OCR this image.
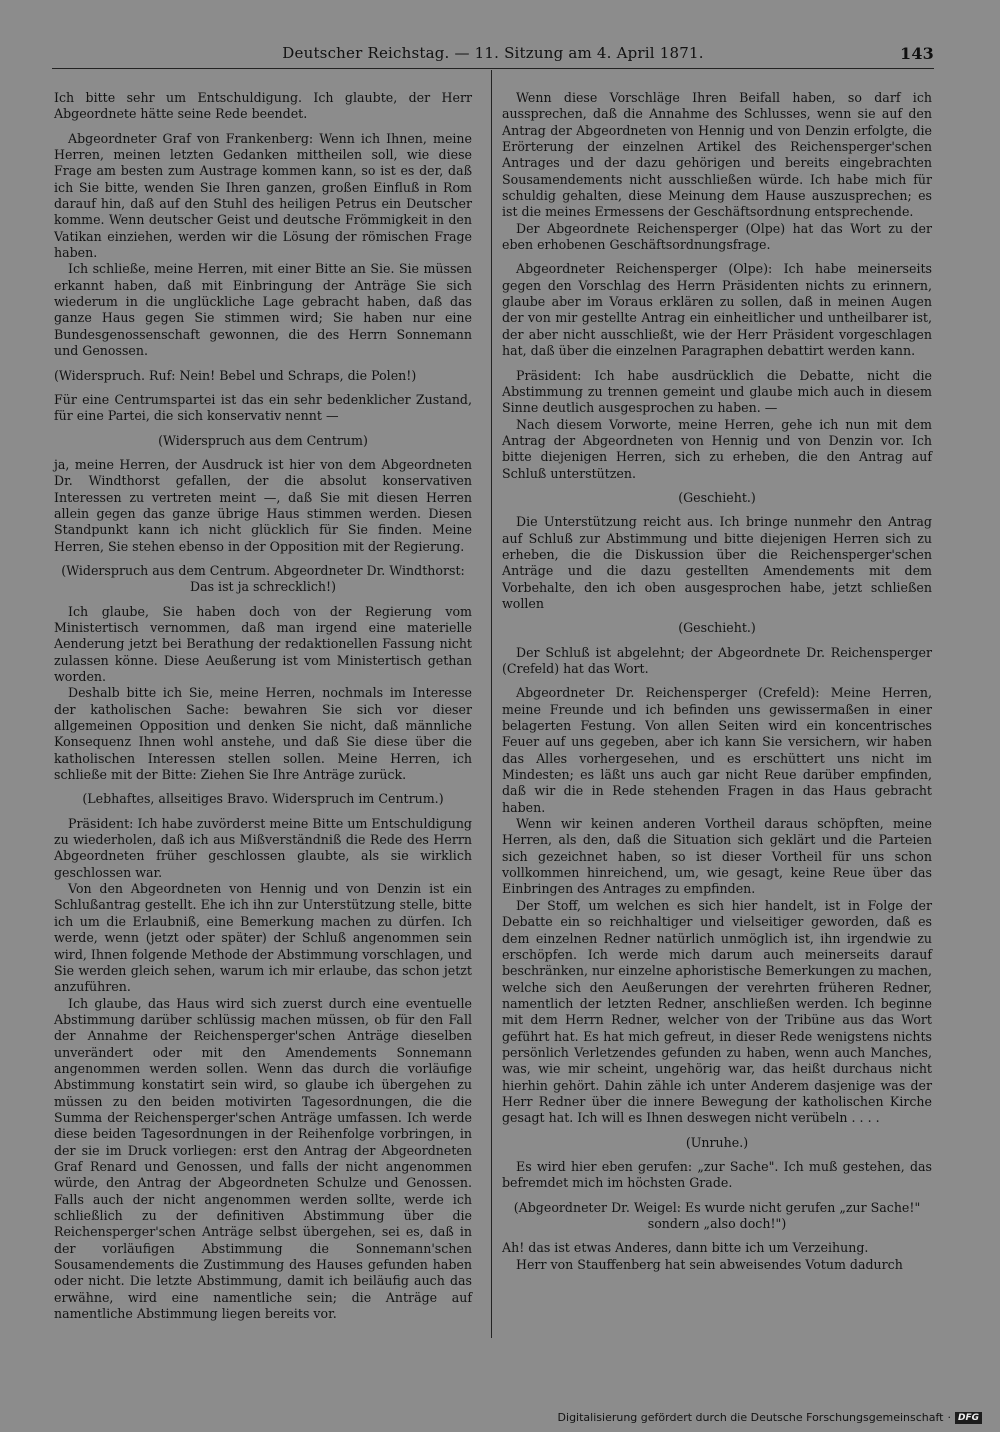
Deutscher Reichstag. — 11. Sitzung am 4. April 1871.	143

Ich bitte sehr um Entschuldigung. Ich glaubte, der Herr Abgeordnete hätte seine Rede beendet.

Abgeordneter Graf von Frankenberg: Wenn ich Ihnen, meine Herren, meinen letzten Gedanken mittheilen soll, wie diese Frage am besten zum Austrage kommen kann, so ist es der, daß ich Sie bitte, wenden Sie Ihren ganzen, großen Einfluß in Rom darauf hin, daß auf den Stuhl des heiligen Petrus ein Deutscher komme. Wenn deutscher Geist und deutsche Frömmigkeit in den Vatikan einziehen, werden wir die Lösung der römischen Frage haben.

Ich schließe, meine Herren, mit einer Bitte an Sie. Sie müssen erkannt haben, daß mit Einbringung der Anträge Sie sich wiederum in die unglückliche Lage gebracht haben, daß das ganze Haus gegen Sie stimmen wird; Sie haben nur eine Bundesgenossenschaft gewonnen, die des Herrn Sonnemann und Genossen.

(Widerspruch. Ruf: Nein! Bebel und Schraps, die Polen!)

Für eine Centrumspartei ist das ein sehr bedenklicher Zustand, für eine Partei, die sich konservativ nennt —

(Widerspruch aus dem Centrum)

ja, meine Herren, der Ausdruck ist hier von dem Abgeordneten Dr. Windthorst gefallen, der die absolut konservativen Interessen zu vertreten meint —, daß Sie mit diesen Herren allein gegen das ganze übrige Haus stimmen werden. Diesen Standpunkt kann ich nicht glücklich für Sie finden. Meine Herren, Sie stehen ebenso in der Opposition mit der Regierung.

(Widerspruch aus dem Centrum. Abgeordneter Dr. Windthorst: Das ist ja schrecklich!)

Ich glaube, Sie haben doch von der Regierung vom Ministertisch vernommen, daß man irgend eine materielle Aenderung jetzt bei Berathung der redaktionellen Fassung nicht zulassen könne. Diese Aeußerung ist vom Ministertisch gethan worden.

Deshalb bitte ich Sie, meine Herren, nochmals im Interesse der katholischen Sache: bewahren Sie sich vor dieser allgemeinen Opposition und denken Sie nicht, daß männliche Konsequenz Ihnen wohl anstehe, und daß Sie diese über die katholischen Interessen stellen sollen. Meine Herren, ich schließe mit der Bitte: Ziehen Sie Ihre Anträge zurück.

(Lebhaftes, allseitiges Bravo. Widerspruch im Centrum.)

Präsident: Ich habe zuvörderst meine Bitte um Entschuldigung zu wiederholen, daß ich aus Mißverständniß die Rede des Herrn Abgeordneten früher geschlossen glaubte, als sie wirklich geschlossen war.

Von den Abgeordneten von Hennig und von Denzin ist ein Schlußantrag gestellt. Ehe ich ihn zur Unterstützung stelle, bitte ich um die Erlaubniß, eine Bemerkung machen zu dürfen. Ich werde, wenn (jetzt oder später) der Schluß angenommen sein wird, Ihnen folgende Methode der Abstimmung vorschlagen, und Sie werden gleich sehen, warum ich mir erlaube, das schon jetzt anzuführen.

Ich glaube, das Haus wird sich zuerst durch eine eventuelle Abstimmung darüber schlüssig machen müssen, ob für den Fall der Annahme der Reichensperger'schen Anträge dieselben unverändert oder mit den Amendements Sonnemann angenommen werden sollen. Wenn das durch die vorläufige Abstimmung konstatirt sein wird, so glaube ich übergehen zu müssen zu den beiden motivirten Tagesordnungen, die die Summa der Reichensperger'schen Anträge umfassen. Ich werde diese beiden Tagesordnungen in der Reihenfolge vorbringen, in der sie im Druck vorliegen: erst den Antrag der Abgeordneten Graf Renard und Genossen, und falls der nicht angenommen würde, den Antrag der Abgeordneten Schulze und Genossen. Falls auch der nicht angenommen werden sollte, werde ich schließlich zu der definitiven Abstimmung über die Reichensperger'schen Anträge selbst übergehen, sei es, daß in der vorläufigen Abstimmung die Sonnemann'schen Sousamendements die Zustimmung des Hauses gefunden haben oder nicht. Die letzte Abstimmung, damit ich beiläufig auch das erwähne, wird eine namentliche sein; die Anträge auf namentliche Abstimmung liegen bereits vor.

Wenn diese Vorschläge Ihren Beifall haben, so darf ich aussprechen, daß die Annahme des Schlusses, wenn sie auf den Antrag der Abgeordneten von Hennig und von Denzin erfolgte, die Erörterung der einzelnen Artikel des Reichensperger'schen Antrages und der dazu gehörigen und bereits eingebrachten Sousamendements nicht ausschließen würde. Ich habe mich für schuldig gehalten, diese Meinung dem Hause auszusprechen; es ist die meines Ermessens der Geschäftsordnung entsprechende.

Der Abgeordnete Reichensperger (Olpe) hat das Wort zu der eben erhobenen Geschäftsordnungsfrage.

Abgeordneter Reichensperger (Olpe): Ich habe meinerseits gegen den Vorschlag des Herrn Präsidenten nichts zu erinnern, glaube aber im Voraus erklären zu sollen, daß in meinen Augen der von mir gestellte Antrag ein einheitlicher und untheilbarer ist, der aber nicht ausschließt, wie der Herr Präsident vorgeschlagen hat, daß über die einzelnen Paragraphen debattirt werden kann.

Präsident: Ich habe ausdrücklich die Debatte, nicht die Abstimmung zu trennen gemeint und glaube mich auch in diesem Sinne deutlich ausgesprochen zu haben. —

Nach diesem Vorworte, meine Herren, gehe ich nun mit dem Antrag der Abgeordneten von Hennig und von Denzin vor. Ich bitte diejenigen Herren, sich zu erheben, die den Antrag auf Schluß unterstützen.

(Geschieht.)

Die Unterstützung reicht aus. Ich bringe nunmehr den Antrag auf Schluß zur Abstimmung und bitte diejenigen Herren sich zu erheben, die die Diskussion über die Reichensperger'schen Anträge und die dazu gestellten Amendements mit dem Vorbehalte, den ich oben ausgesprochen habe, jetzt schließen wollen

(Geschieht.)

Der Schluß ist abgelehnt; der Abgeordnete Dr. Reichensperger (Crefeld) hat das Wort.

Abgeordneter Dr. Reichensperger (Crefeld): Meine Herren, meine Freunde und ich befinden uns gewissermaßen in einer belagerten Festung. Von allen Seiten wird ein koncentrisches Feuer auf uns gegeben, aber ich kann Sie versichern, wir haben das Alles vorhergesehen, und es erschüttert uns nicht im Mindesten; es läßt uns auch gar nicht Reue darüber empfinden, daß wir die in Rede stehenden Fragen in das Haus gebracht haben.

Wenn wir keinen anderen Vortheil daraus schöpften, meine Herren, als den, daß die Situation sich geklärt und die Parteien sich gezeichnet haben, so ist dieser Vortheil für uns schon vollkommen hinreichend, um, wie gesagt, keine Reue über das Einbringen des Antrages zu empfinden.

Der Stoff, um welchen es sich hier handelt, ist in Folge der Debatte ein so reichhaltiger und vielseitiger geworden, daß es dem einzelnen Redner natürlich unmöglich ist, ihn irgendwie zu erschöpfen. Ich werde mich darum auch meinerseits darauf beschränken, nur einzelne aphoristische Bemerkungen zu machen, welche sich den Aeußerungen der verehrten früheren Redner, namentlich der letzten Redner, anschließen werden. Ich beginne mit dem Herrn Redner, welcher von der Tribüne aus das Wort geführt hat. Es hat mich gefreut, in dieser Rede wenigstens nichts persönlich Verletzendes gefunden zu haben, wenn auch Manches, was, wie mir scheint, ungehörig war, das heißt durchaus nicht hierhin gehört. Dahin zähle ich unter Anderem dasjenige was der Herr Redner über die innere Bewegung der katholischen Kirche gesagt hat. Ich will es Ihnen deswegen nicht verübeln . . . .

(Unruhe.)

Es wird hier eben gerufen: „zur Sache". Ich muß gestehen, das befremdet mich im höchsten Grade.

(Abgeordneter Dr. Weigel: Es wurde nicht gerufen „zur Sache!" sondern „also doch!")

Ah! das ist etwas Anderes, dann bitte ich um Verzeihung.

Herr von Stauffenberg hat sein abweisendes Votum dadurch

Digitalisierung gefördert durch die Deutsche Forschungsgemeinschaft · DFG
